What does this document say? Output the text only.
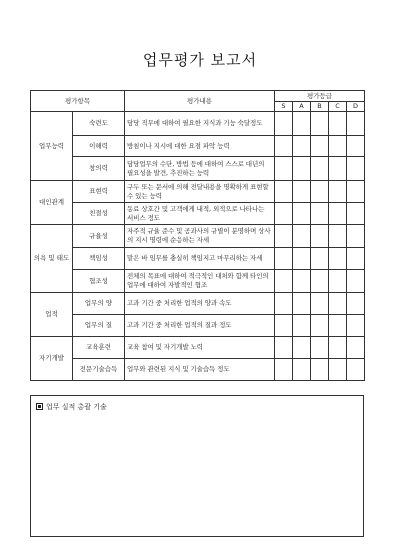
업무평가 보고서
평가항목		평가내용	평가등급				
			S	A	B	C	D
업무능력	숙련도	담당 직무에 대하여 필요한 지식과 기능 숙달정도					
	이해력	방침이나 지시에 대한 요점 파악 능력					
	창의력	담당업무의 수단, 방법 등에 대하여 스스로 대년의 필요성을 발견, 추진하는 능력					
대인관계	표현력	구두 또는 문서에 의해 전달내용을 명확하게 표현할 수 있는 능력					
	친절성	동료 상호간 및 고객에게 내적, 외적으로 나타나는 서비스 정도					
의욕 및 태도	규율성	자주적 규율 준수 및 공과사의 규별이 분명하며 상사의 지시 명령에 순응하는 자세					
	책임성	맡은 바 임무를 충실히 책임지고 마무리하는 자세					
	협조성	전체의 목표에 대하여 적극적인 대처와 함께 타인의 업무에 대하여 자발적인 협조					
업적	업무의 양	고과 기간 중 처리한 업적의 양과 속도					
	업무의 질	고과 기간 중 처리한 업적의 질과 정도					
자기개발	교육훈련	교육 참여 및 자기개발 노력					
	전문기술습득	업무와 관련된 지식 및 기술습득 정도					
업무 실적 총괄 기술
